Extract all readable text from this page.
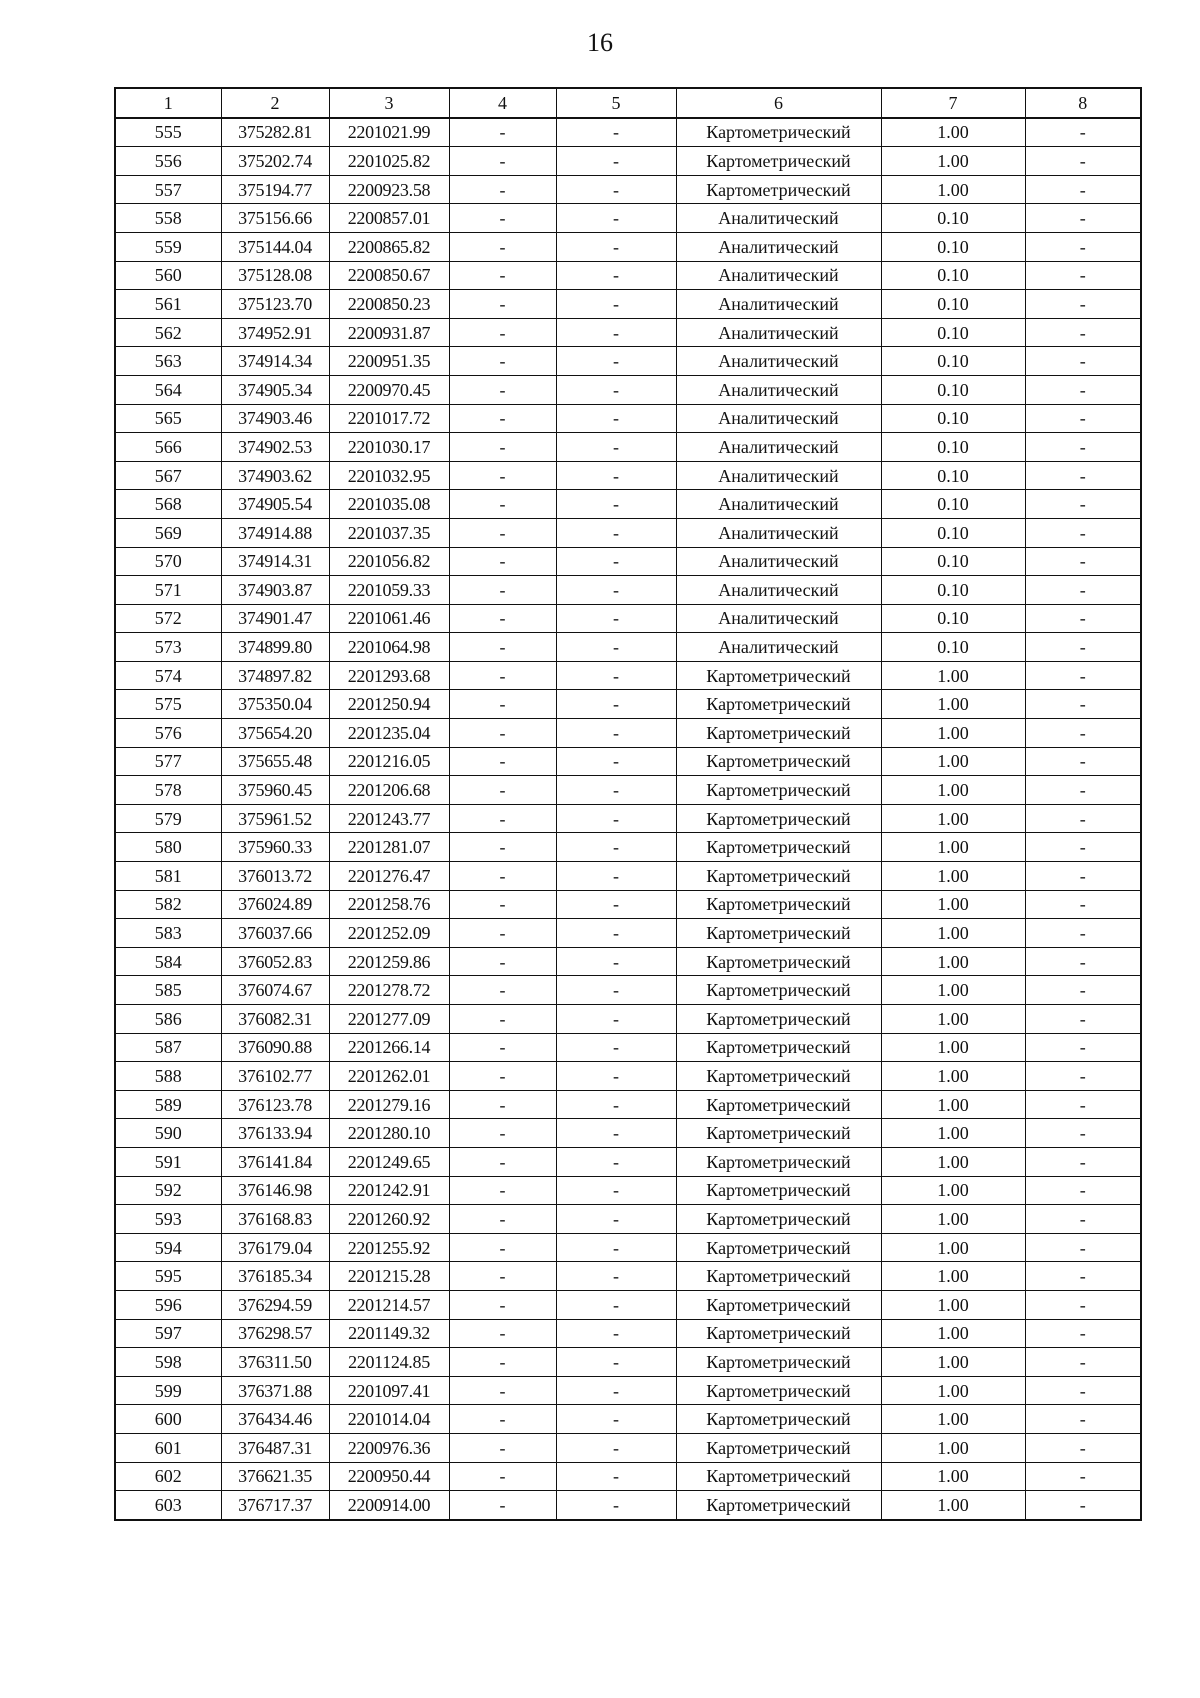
16
1	2	3	4	5	6	7	8
555	375282.81	2201021.99	-	-	Картометрический	1.00	-
556	375202.74	2201025.82	-	-	Картометрический	1.00	-
557	375194.77	2200923.58	-	-	Картометрический	1.00	-
558	375156.66	2200857.01	-	-	Аналитический	0.10	-
559	375144.04	2200865.82	-	-	Аналитический	0.10	-
560	375128.08	2200850.67	-	-	Аналитический	0.10	-
561	375123.70	2200850.23	-	-	Аналитический	0.10	-
562	374952.91	2200931.87	-	-	Аналитический	0.10	-
563	374914.34	2200951.35	-	-	Аналитический	0.10	-
564	374905.34	2200970.45	-	-	Аналитический	0.10	-
565	374903.46	2201017.72	-	-	Аналитический	0.10	-
566	374902.53	2201030.17	-	-	Аналитический	0.10	-
567	374903.62	2201032.95	-	-	Аналитический	0.10	-
568	374905.54	2201035.08	-	-	Аналитический	0.10	-
569	374914.88	2201037.35	-	-	Аналитический	0.10	-
570	374914.31	2201056.82	-	-	Аналитический	0.10	-
571	374903.87	2201059.33	-	-	Аналитический	0.10	-
572	374901.47	2201061.46	-	-	Аналитический	0.10	-
573	374899.80	2201064.98	-	-	Аналитический	0.10	-
574	374897.82	2201293.68	-	-	Картометрический	1.00	-
575	375350.04	2201250.94	-	-	Картометрический	1.00	-
576	375654.20	2201235.04	-	-	Картометрический	1.00	-
577	375655.48	2201216.05	-	-	Картометрический	1.00	-
578	375960.45	2201206.68	-	-	Картометрический	1.00	-
579	375961.52	2201243.77	-	-	Картометрический	1.00	-
580	375960.33	2201281.07	-	-	Картометрический	1.00	-
581	376013.72	2201276.47	-	-	Картометрический	1.00	-
582	376024.89	2201258.76	-	-	Картометрический	1.00	-
583	376037.66	2201252.09	-	-	Картометрический	1.00	-
584	376052.83	2201259.86	-	-	Картометрический	1.00	-
585	376074.67	2201278.72	-	-	Картометрический	1.00	-
586	376082.31	2201277.09	-	-	Картометрический	1.00	-
587	376090.88	2201266.14	-	-	Картометрический	1.00	-
588	376102.77	2201262.01	-	-	Картометрический	1.00	-
589	376123.78	2201279.16	-	-	Картометрический	1.00	-
590	376133.94	2201280.10	-	-	Картометрический	1.00	-
591	376141.84	2201249.65	-	-	Картометрический	1.00	-
592	376146.98	2201242.91	-	-	Картометрический	1.00	-
593	376168.83	2201260.92	-	-	Картометрический	1.00	-
594	376179.04	2201255.92	-	-	Картометрический	1.00	-
595	376185.34	2201215.28	-	-	Картометрический	1.00	-
596	376294.59	2201214.57	-	-	Картометрический	1.00	-
597	376298.57	2201149.32	-	-	Картометрический	1.00	-
598	376311.50	2201124.85	-	-	Картометрический	1.00	-
599	376371.88	2201097.41	-	-	Картометрический	1.00	-
600	376434.46	2201014.04	-	-	Картометрический	1.00	-
601	376487.31	2200976.36	-	-	Картометрический	1.00	-
602	376621.35	2200950.44	-	-	Картометрический	1.00	-
603	376717.37	2200914.00	-	-	Картометрический	1.00	-
